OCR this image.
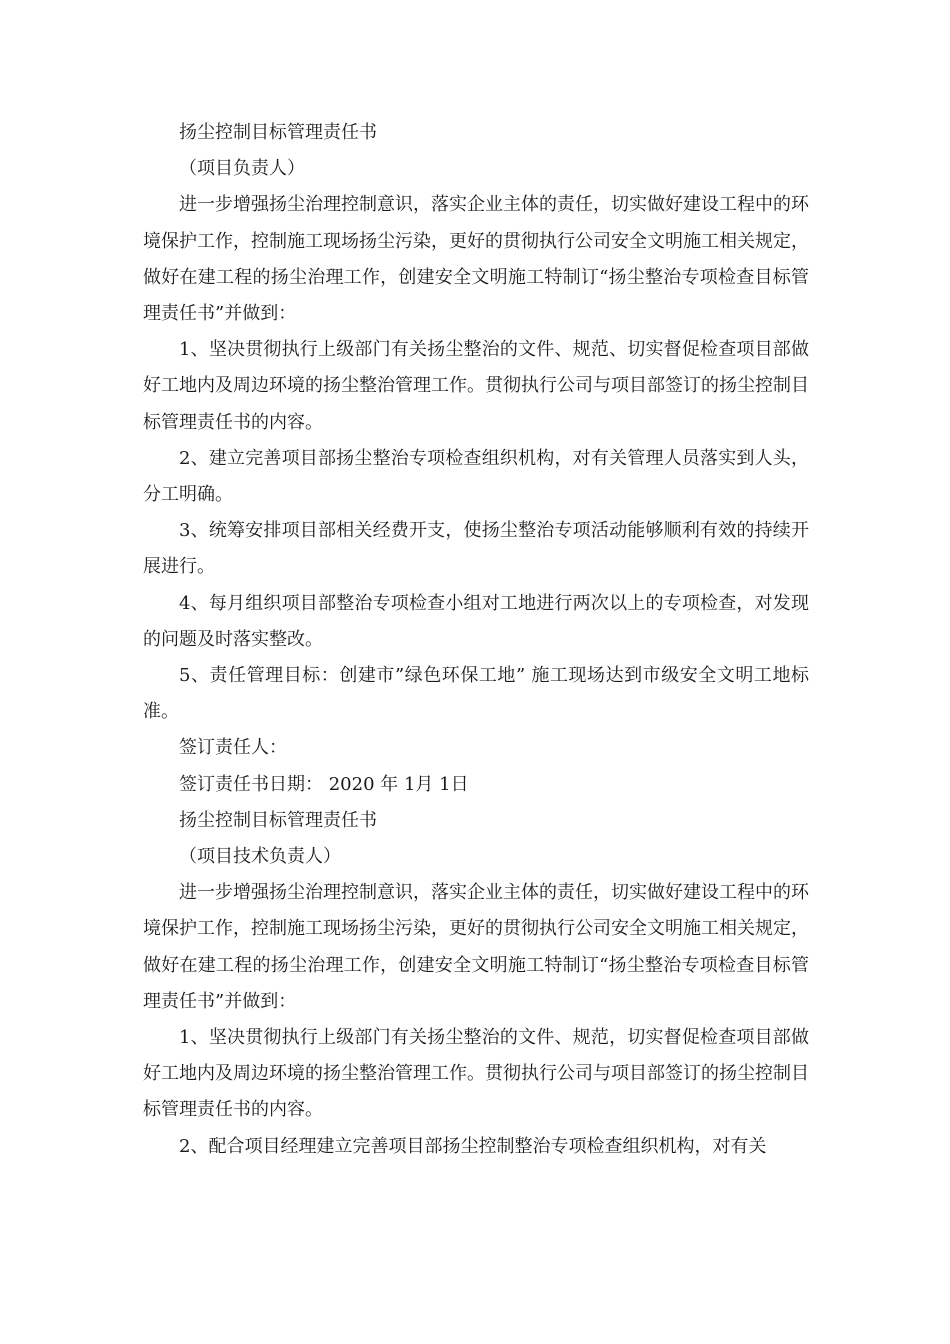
扬尘控制目标管理责任书

（项目负责人）

进一步增强扬尘治理控制意识，落实企业主体的责任，切实做好建设工程中的环境保护工作，控制施工现场扬尘污染，更好的贯彻执行公司安全文明施工相关规定，做好在建工程的扬尘治理工作，创建安全文明施工特制订“扬尘整治专项检查目标管理责任书”并做到：

1、坚决贯彻执行上级部门有关扬尘整治的文件、规范、切实督促检查项目部做好工地内及周边环境的扬尘整治管理工作。贯彻执行公司与项目部签订的扬尘控制目标管理责任书的内容。

2、建立完善项目部扬尘整治专项检查组织机构，对有关管理人员落实到人头，分工明确。

3、统筹安排项目部相关经费开支，使扬尘整治专项活动能够顺利有效的持续开展进行。

4、每月组织项目部整治专项检查小组对工地进行两次以上的专项检查，对发现的问题及时落实整改。

5、责任管理目标：创建市”绿色环保工地” 施工现场达到市级安全文明工地标准。

签订责任人：

签订责任书日期： 2020 年 1月 1日

扬尘控制目标管理责任书

（项目技术负责人）

进一步增强扬尘治理控制意识，落实企业主体的责任，切实做好建设工程中的环境保护工作，控制施工现场扬尘污染，更好的贯彻执行公司安全文明施工相关规定，做好在建工程的扬尘治理工作，创建安全文明施工特制订“扬尘整治专项检查目标管理责任书”并做到：

1、坚决贯彻执行上级部门有关扬尘整治的文件、规范，切实督促检查项目部做好工地内及周边环境的扬尘整治管理工作。贯彻执行公司与项目部签订的扬尘控制目标管理责任书的内容。

2、配合项目经理建立完善项目部扬尘控制整治专项检查组织机构，对有关
